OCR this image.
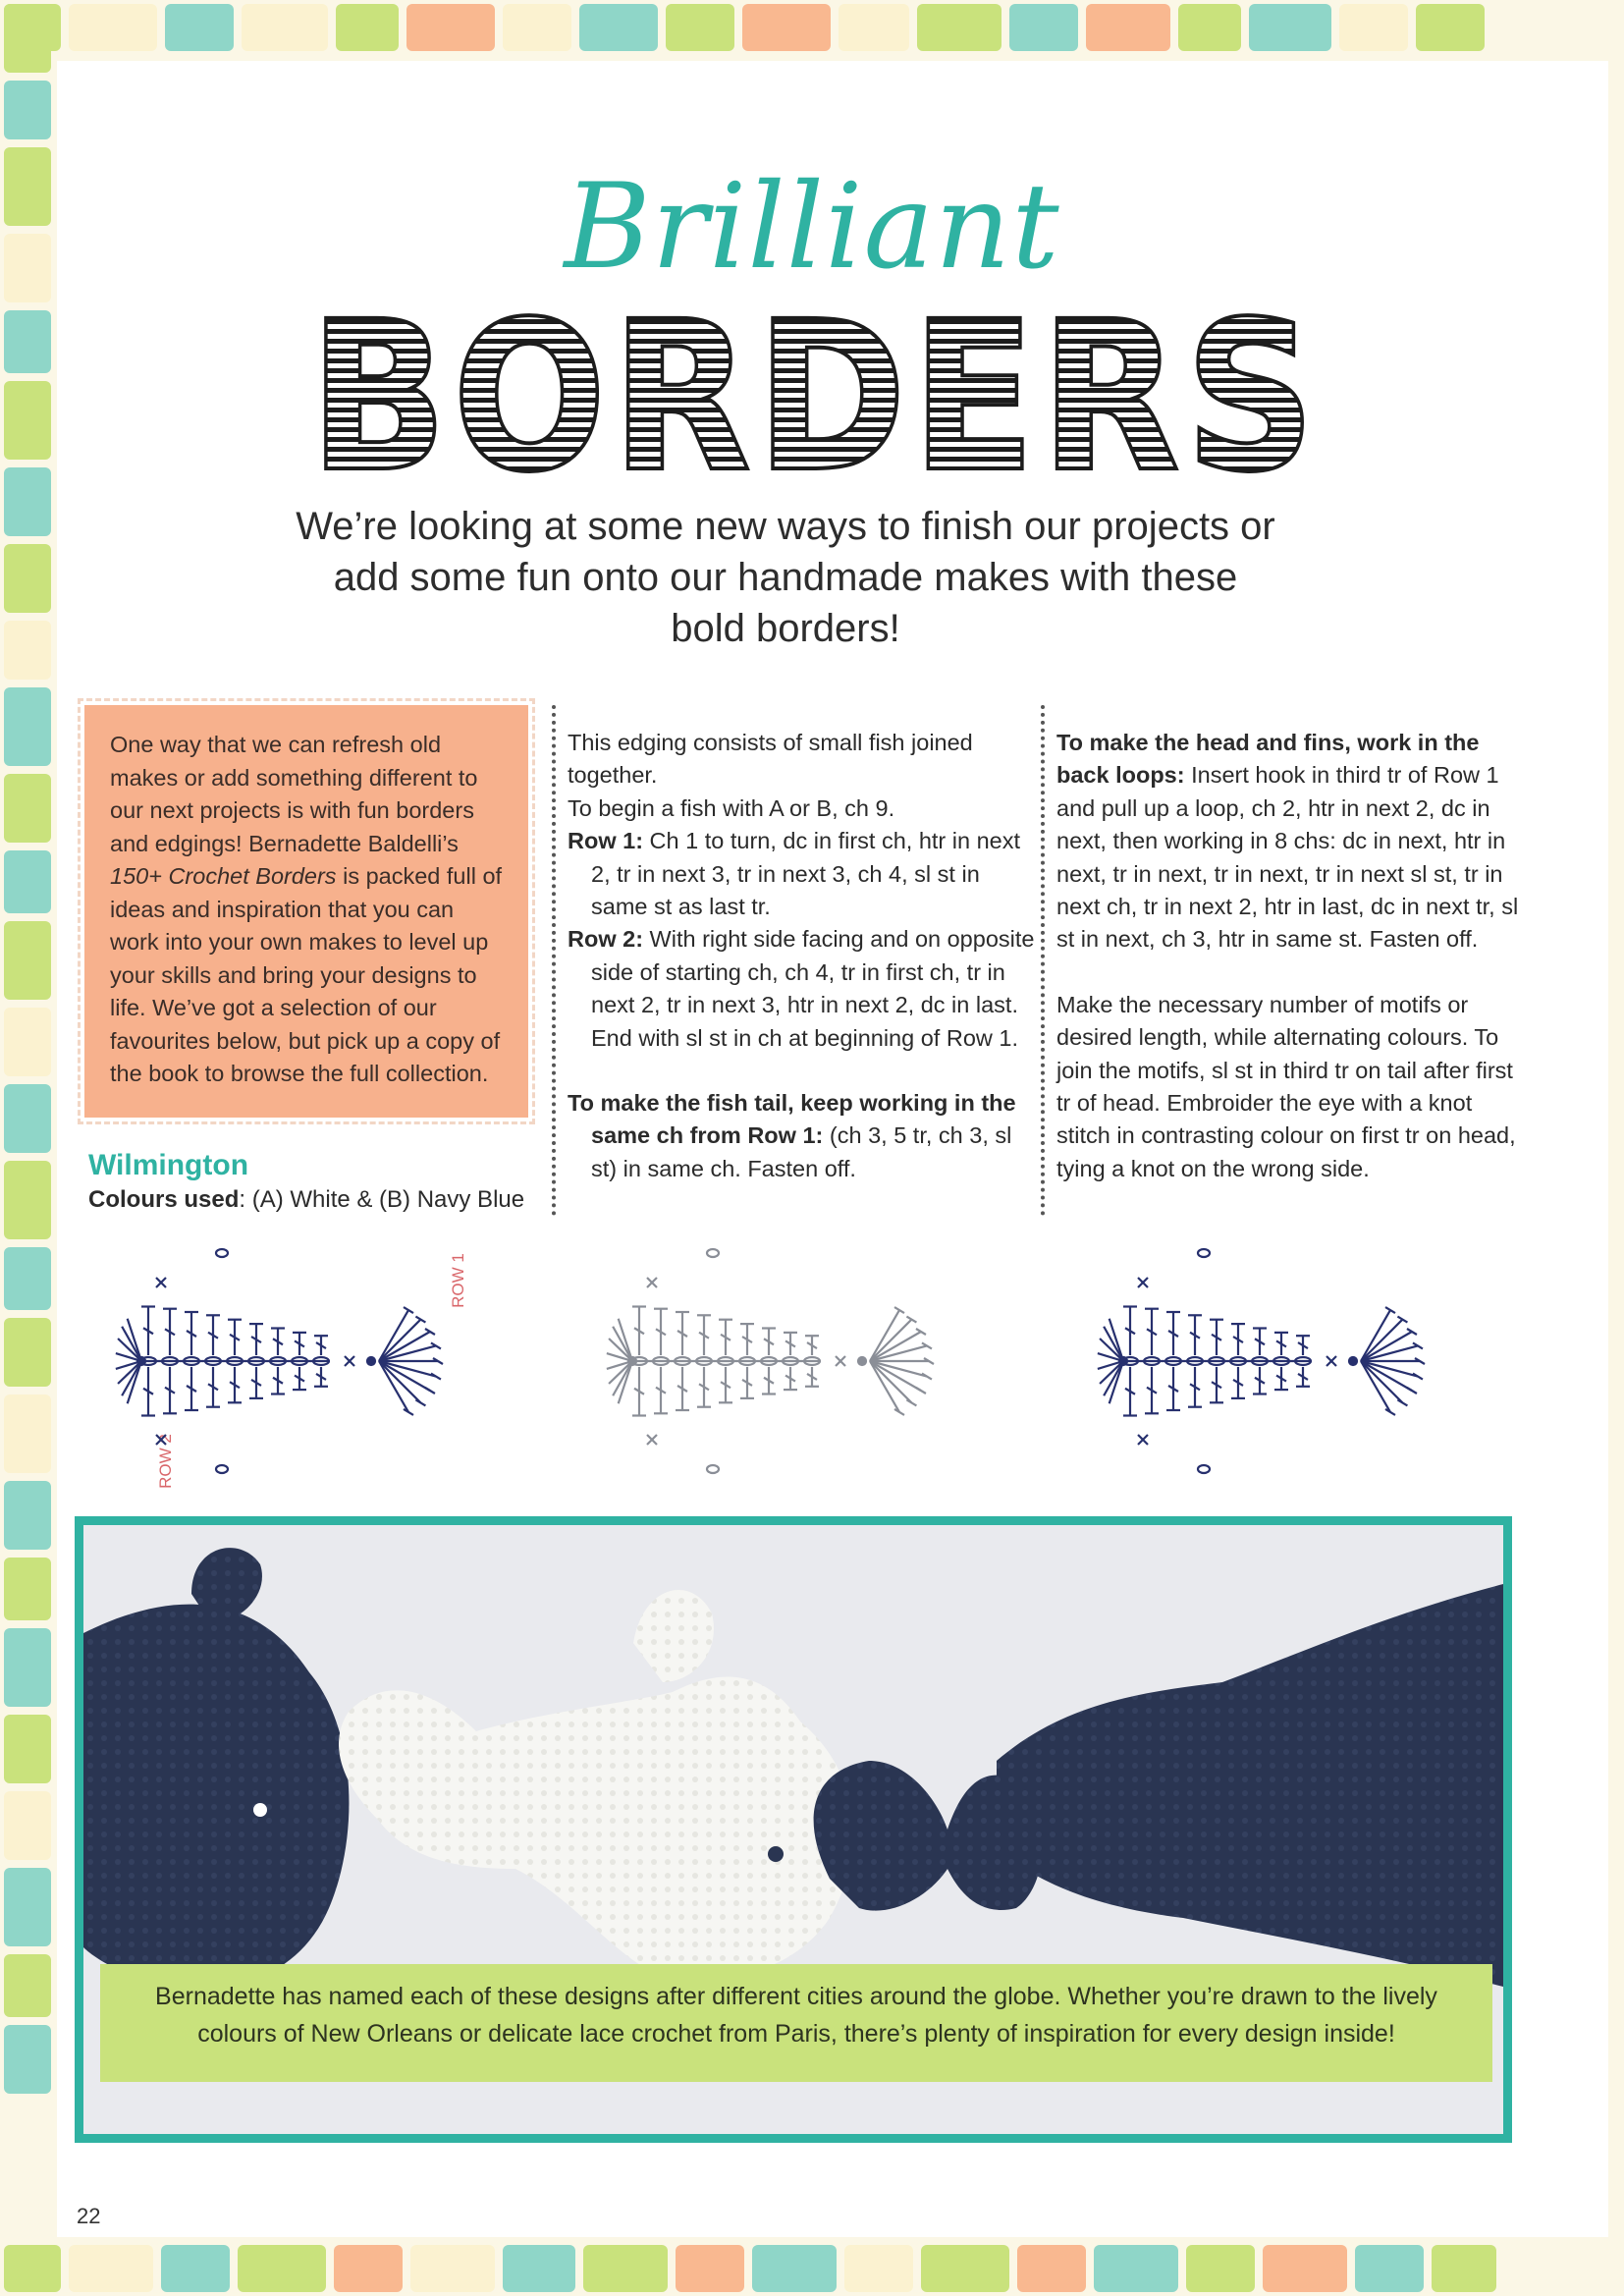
Brilliant
BORDERS
We’re looking at some new ways to finish our projects or add some fun onto our handmade makes with these bold borders!
One way that we can refresh old makes or add something different to our next projects is with fun borders and edgings! Bernadette Baldelli’s 150+ Crochet Borders is packed full of ideas and inspiration that you can work into your own makes to level up your skills and bring your designs to life. We’ve got a selection of our favourites below, but pick up a copy of the book to browse the full collection.
Wilmington
Colours used: (A) White & (B) Navy Blue

This edging consists of small fish joined together.

To begin a fish with A or B, ch 9.

Row 1: Ch 1 to turn, dc in first ch, htr in next 2, tr in next 3, tr in next 3, ch 4, sl st in same st as last tr.

Row 2: With right side facing and on opposite side of starting ch, ch 4, tr in first ch, tr in next 2, tr in next 3, htr in next 2, dc in last. End with sl st in ch at beginning of Row 1.

To make the fish tail, keep working in the same ch from Row 1: (ch 3, 5 tr, ch 3, sl st) in same ch. Fasten off.

To make the head and fins, work in the back loops: Insert hook in third tr of Row 1 and pull up a loop, ch 2, htr in next 2, dc in next, then working in 8 chs: dc in next, htr in next, tr in next, tr in next, tr in next sl st, tr in next ch, tr in next 2, htr in last, dc in next tr, sl st in next, ch 3, htr in same st. Fasten off.

Make the necessary number of motifs or desired length, while alternating colours. To join the motifs, sl st in third tr on tail after first tr of head. Embroider the eye with a knot stitch in contrasting colour on first tr on head, tying a knot on the wrong side.

ROW 1
ROW 2
Bernadette has named each of these designs after different cities around the globe. Whether you’re drawn to the lively colours of New Orleans or delicate lace crochet from Paris, there’s plenty of inspiration for every design inside!
22
